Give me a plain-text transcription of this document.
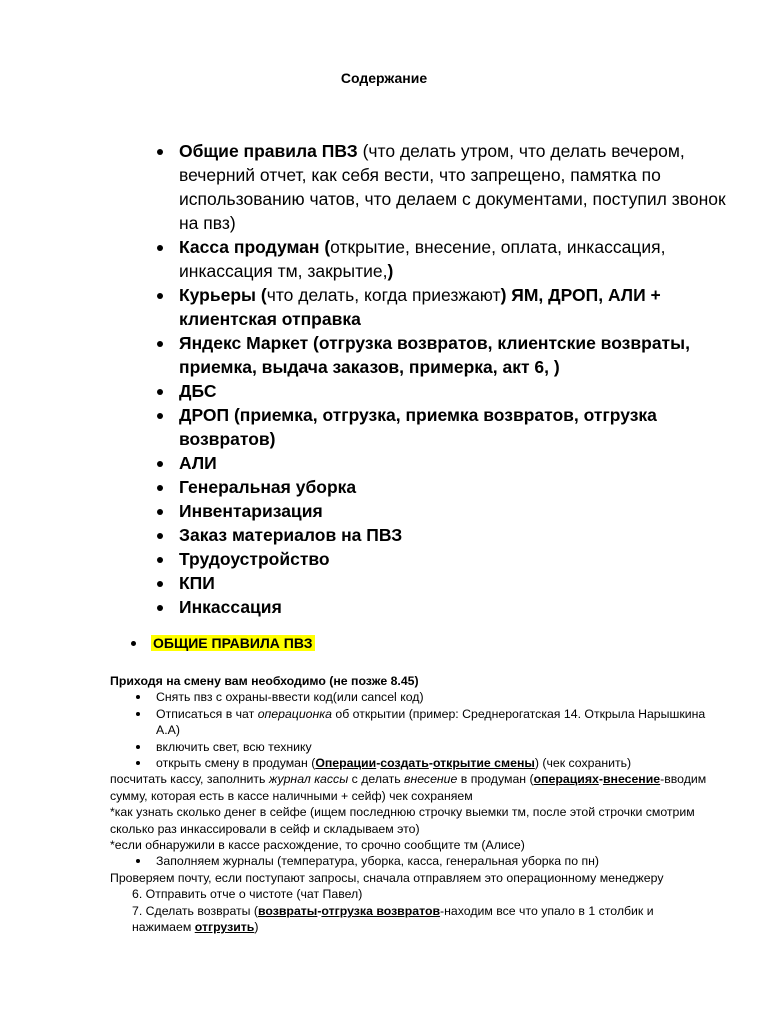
Содержание
Общие правила ПВЗ (что делать утром, что делать вечером, вечерний отчет, как себя вести, что запрещено, памятка по использованию чатов, что делаем с документами, поступил звонок на пвз)
Касса продуман (открытие, внесение, оплата, инкассация, инкассация тм, закрытие,)
Курьеры (что делать, когда приезжают) ЯМ, ДРОП, АЛИ + клиентская отправка
Яндекс Маркет (отгрузка возвратов, клиентские возвраты, приемка, выдача заказов, примерка, акт 6, )
ДБС
ДРОП (приемка, отгрузка, приемка возвратов, отгрузка возвратов)
АЛИ
Генеральная уборка
Инвентаризация
Заказ материалов на ПВЗ
Трудоустройство
КПИ
Инкассация
ОБЩИЕ ПРАВИЛА ПВЗ

Приходя на смену вам необходимо (не позже 8.45)

Снять пвз с охраны-ввести код(или cancel код)

Отписаться в чат операционка об открытии (пример: Среднерогатская 14. Открыла Нарышкина А.А)

включить свет, всю технику

открыть смену в продуман (Операции-создать-открытие смены) (чек сохранить)

посчитать кассу, заполнить журнал кассы с делать внесение в продуман (операциях-внесение-вводим сумму, которая есть в кассе наличными + сейф) чек сохраняем

*как узнать сколько денег в сейфе (ищем последнюю строчку выемки тм, после этой строчки смотрим сколько раз инкассировали в сейф и складываем это)

*если обнаружили в кассе расхождение, то срочно сообщите тм (Алисе)

Заполняем журналы (температура, уборка, касса, генеральная уборка по пн)

Проверяем почту, если поступают запросы, сначала отправляем это операционному менеджеру

6. Отправить отче о чистоте (чат Павел)

7. Сделать возвраты (возвраты-отгрузка возвратов-находим все что упало в 1 столбик и нажимаем отгрузить)
